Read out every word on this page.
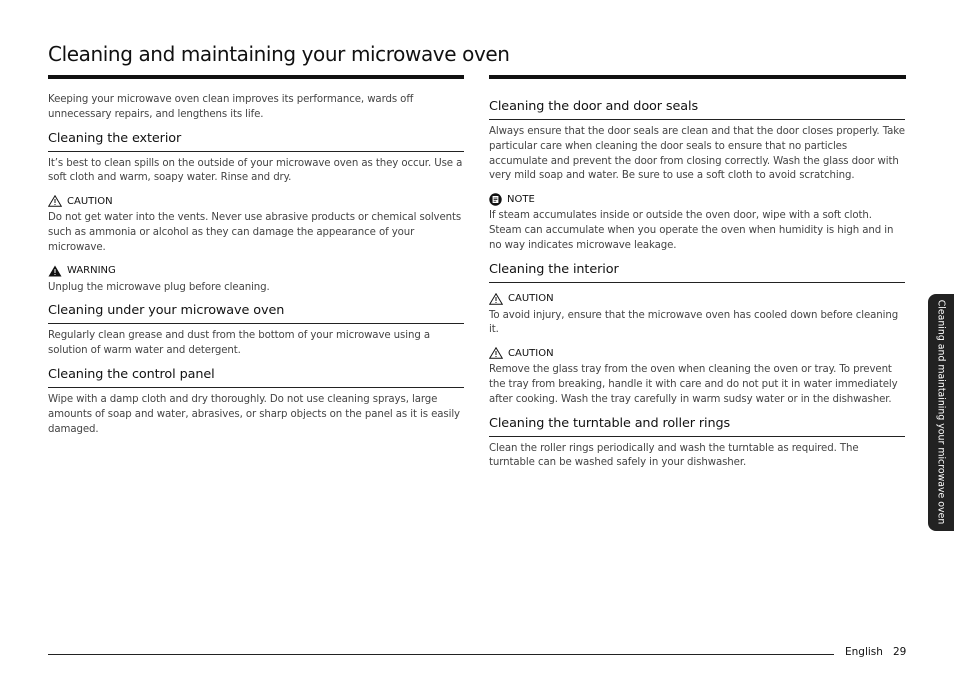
Cleaning and maintaining your microwave oven

Keeping your microwave oven clean improves its performance, wards off unnecessary repairs, and lengthens its life.

Cleaning the exterior

It’s best to clean spills on the outside of your microwave oven as they occur. Use a soft cloth and warm, soapy water. Rinse and dry.

CAUTION

Do not get water into the vents. Never use abrasive products or chemical solvents such as ammonia or alcohol as they can damage the appearance of your microwave.

WARNING

Unplug the microwave plug before cleaning.

Cleaning under your microwave oven

Regularly clean grease and dust from the bottom of your microwave using a solution of warm water and detergent.

Cleaning the control panel

Wipe with a damp cloth and dry thoroughly. Do not use cleaning sprays, large amounts of soap and water, abrasives, or sharp objects on the panel as it is easily damaged.

Cleaning the door and door seals

Always ensure that the door seals are clean and that the door closes properly. Take particular care when cleaning the door seals to ensure that no particles accumulate and prevent the door from closing correctly. Wash the glass door with very mild soap and water. Be sure to use a soft cloth to avoid scratching.

NOTE

If steam accumulates inside or outside the oven door, wipe with a soft cloth. Steam can accumulate when you operate the oven when humidity is high and in no way indicates microwave leakage.

Cleaning the interior
CAUTION

To avoid injury, ensure that the microwave oven has cooled down before cleaning it.

CAUTION

Remove the glass tray from the oven when cleaning the oven or tray. To prevent the tray from breaking, handle it with care and do not put it in water immediately after cooking. Wash the tray carefully in warm sudsy water or in the dishwasher.

Cleaning the turntable and roller rings

Clean the roller rings periodically and wash the turntable as required. The turntable can be washed safely in your dishwasher.	Cleaning and maintaining your microwave oven
English 29
